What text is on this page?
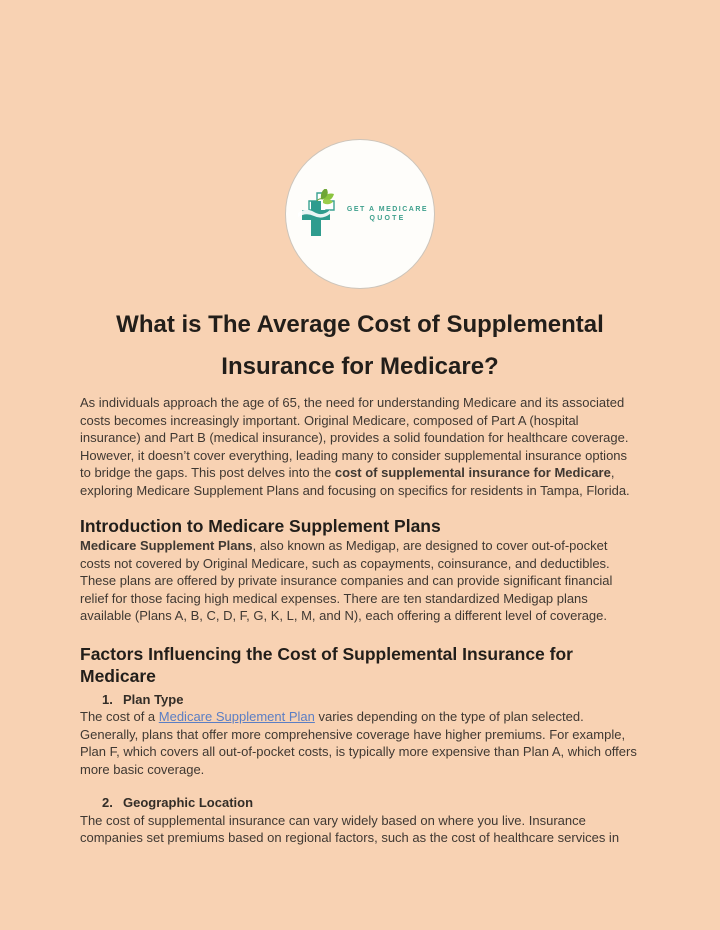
GET A MEDICARE
QUOTE
What is The Average Cost of Supplemental
Insurance for Medicare?

As individuals approach the age of 65, the need for understanding Medicare and its associated costs becomes increasingly important. Original Medicare, composed of Part A (hospital insurance) and Part B (medical insurance), provides a solid foundation for healthcare coverage. However, it doesn’t cover everything, leading many to consider supplemental insurance options to bridge the gaps. This post delves into the cost of supplemental insurance for Medicare, exploring Medicare Supplement Plans and focusing on specifics for residents in Tampa, Florida.

Introduction to Medicare Supplement Plans

Medicare Supplement Plans, also known as Medigap, are designed to cover out-of-pocket costs not covered by Original Medicare, such as copayments, coinsurance, and deductibles. These plans are offered by private insurance companies and can provide significant financial relief for those facing high medical expenses. There are ten standardized Medigap plans available (Plans A, B, C, D, F, G, K, L, M, and N), each offering a different level of coverage.

Factors Influencing the Cost of Supplemental Insurance for Medicare
1. Plan Type

The cost of a Medicare Supplement Plan varies depending on the type of plan selected. Generally, plans that offer more comprehensive coverage have higher premiums. For example, Plan F, which covers all out-of-pocket costs, is typically more expensive than Plan A, which offers more basic coverage.

2. Geographic Location

The cost of supplemental insurance can vary widely based on where you live. Insurance companies set premiums based on regional factors, such as the cost of healthcare services in
